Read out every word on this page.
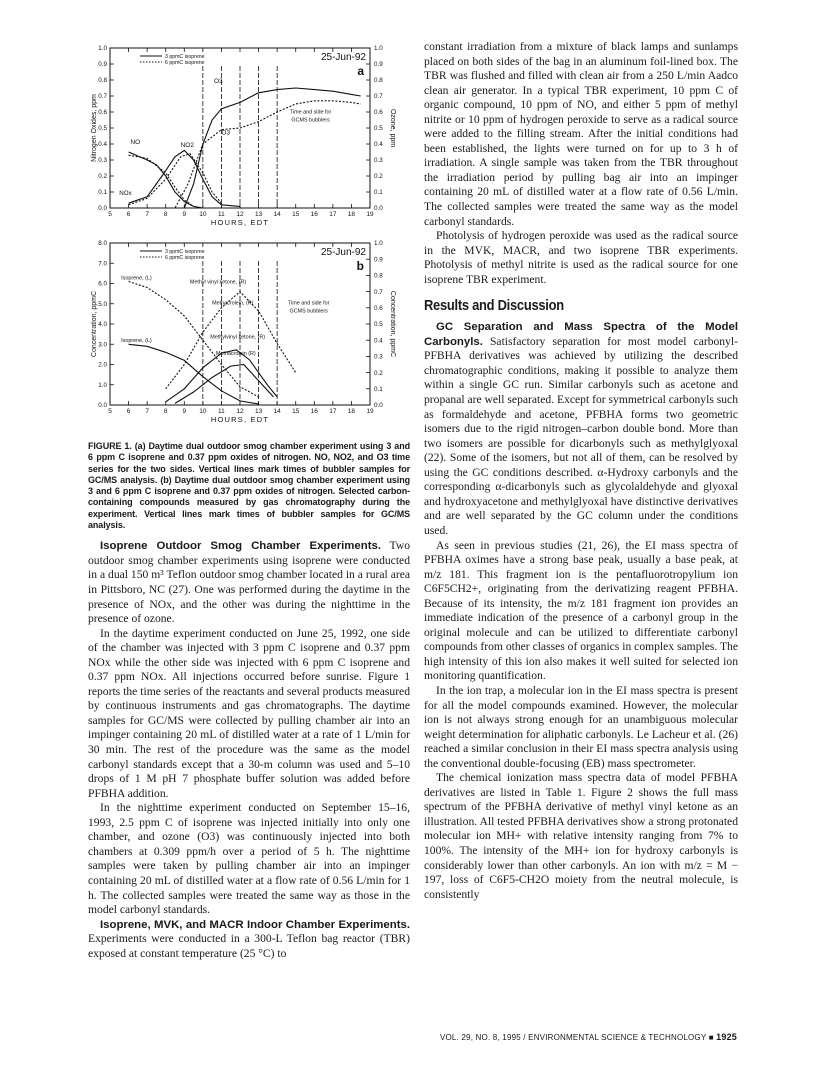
5 6 7 8 9 10 11 12 13 14 15 16 17 18 19
0.0
0.1
0.2
0.3
0.4
0.5
0.6
0.7
0.8
0.9
1.0
0.0
0.1
0.2
0.3
0.4
0.5
0.6
0.7
0.8
0.9
1.0
HOURS, EDT
Nitrogen Oxides, ppm	Ozone, ppm
25-Jun-92
a
3 ppmC isoprene
6 ppmC isoprene
O3
O3
NO2
NO
NOx
Time and side for
GCMS bubblers
5 6 7 8 9 10 11 12 13 14 15 16 17 18 19
0.0
1.0
2.0
3.0
4.0
5.0
6.0
7.0
8.0
0.0
0.1
0.2
0.3
0.4
0.5
0.6
0.7
0.8
0.9
1.0
HOURS, EDT
Concentration, ppmC	Concentration, ppmC
25-Jun-92
b
3 ppmC isoprene
6 ppmC isoprene
Isoprene, (L)
Methyl vinyl ketone, (R)
Methacrolein, (R)	Time and side for
GCMS bubblers
Methylvinyl ketone, (R)
Methacrolein (R)
Isoprene, (L)
FIGURE 1. (a) Daytime dual outdoor smog chamber experiment using 3 and 6 ppm C isoprene and 0.37 ppm oxides of nitrogen. NO, NO2, and O3 time series for the two sides. Vertical lines mark times of bubbler samples for GC/MS analysis. (b) Daytime dual outdoor smog chamber experiment using 3 and 6 ppm C isoprene and 0.37 ppm oxides of nitrogen. Selected carbon-containing compounds measured by gas chromatography during the experiment. Vertical lines mark times of bubbler samples for GC/MS analysis.

Isoprene Outdoor Smog Chamber Experiments. Two outdoor smog chamber experiments using isoprene were conducted in a dual 150 m³ Teflon outdoor smog chamber located in a rural area in Pittsboro, NC (27). One was performed during the daytime in the presence of NOx, and the other was during the nighttime in the presence of ozone.

In the daytime experiment conducted on June 25, 1992, one side of the chamber was injected with 3 ppm C isoprene and 0.37 ppm NOx while the other side was injected with 6 ppm C isoprene and 0.37 ppm NOx. All injections occurred before sunrise. Figure 1 reports the time series of the reactants and several products measured by continuous instruments and gas chromatographs. The daytime samples for GC/MS were collected by pulling chamber air into an impinger containing 20 mL of distilled water at a rate of 1 L/min for 30 min. The rest of the procedure was the same as the model carbonyl standards except that a 30-m column was used and 5–10 drops of 1 M pH 7 phosphate buffer solution was added before PFBHA addition.

In the nighttime experiment conducted on September 15–16, 1993, 2.5 ppm C of isoprene was injected initially into only one chamber, and ozone (O3) was continuously injected into both chambers at 0.309 ppm/h over a period of 5 h. The nighttime samples were taken by pulling chamber air into an impinger containing 20 mL of distilled water at a flow rate of 0.56 L/min for 1 h. The collected samples were treated the same way as those in the model carbonyl standards.

Isoprene, MVK, and MACR Indoor Chamber Experiments. Experiments were conducted in a 300-L Teflon bag reactor (TBR) exposed at constant temperature (25 °C) to

constant irradiation from a mixture of black lamps and sunlamps placed on both sides of the bag in an aluminum foil-lined box. The TBR was flushed and filled with clean air from a 250 L/min Aadco clean air generator. In a typical TBR experiment, 10 ppm C of organic compound, 10 ppm of NO, and either 5 ppm of methyl nitrite or 10 ppm of hydrogen peroxide to serve as a radical source were added to the filling stream. After the initial conditions had been established, the lights were turned on for up to 3 h of irradiation. A single sample was taken from the TBR throughout the irradiation period by pulling bag air into an impinger containing 20 mL of distilled water at a flow rate of 0.56 L/min. The collected samples were treated the same way as the model carbonyl standards.

Photolysis of hydrogen peroxide was used as the radical source in the MVK, MACR, and two isoprene TBR experiments. Photolysis of methyl nitrite is used as the radical source for one isoprene TBR experiment.

Results and Discussion

GC Separation and Mass Spectra of the Model Carbonyls. Satisfactory separation for most model carbonyl-PFBHA derivatives was achieved by utilizing the described chromatographic conditions, making it possible to analyze them within a single GC run. Similar carbonyls such as acetone and propanal are well separated. Except for symmetrical carbonyls such as formaldehyde and acetone, PFBHA forms two geometric isomers due to the rigid nitrogen–carbon double bond. More than two isomers are possible for dicarbonyls such as methylglyoxal (22). Some of the isomers, but not all of them, can be resolved by using the GC conditions described. α-Hydroxy carbonyls and the corresponding α-dicarbonyls such as glycolaldehyde and glyoxal and hydroxyacetone and methylglyoxal have distinctive derivatives and are well separated by the GC column under the conditions used.

As seen in previous studies (21, 26), the EI mass spectra of PFBHA oximes have a strong base peak, usually a base peak, at m/z 181. This fragment ion is the pentafluorotropylium ion C6F5CH2+, originating from the derivatizing reagent PFBHA. Because of its intensity, the m/z 181 fragment ion provides an immediate indication of the presence of a carbonyl group in the original molecule and can be utilized to differentiate carbonyl compounds from other classes of organics in complex samples. The high intensity of this ion also makes it well suited for selected ion monitoring quantification.

In the ion trap, a molecular ion in the EI mass spectra is present for all the model compounds examined. However, the molecular ion is not always strong enough for an unambiguous molecular weight determination for aliphatic carbonyls. Le Lacheur et al. (26) reached a similar conclusion in their EI mass spectra analysis using the conventional double-focusing (EB) mass spectrometer.

The chemical ionization mass spectra data of model PFBHA derivatives are listed in Table 1. Figure 2 shows the full mass spectrum of the PFBHA derivative of methyl vinyl ketone as an illustration. All tested PFBHA derivatives show a strong protonated molecular ion MH+ with relative intensity ranging from 7% to 100%. The intensity of the MH+ ion for hydroxy carbonyls is considerably lower than other carbonyls. An ion with m/z = M − 197, loss of C6F5-CH2O moiety from the neutral molecule, is consistently

VOL. 29, NO. 8, 1995 / ENVIRONMENTAL SCIENCE & TECHNOLOGY ■ 1925
